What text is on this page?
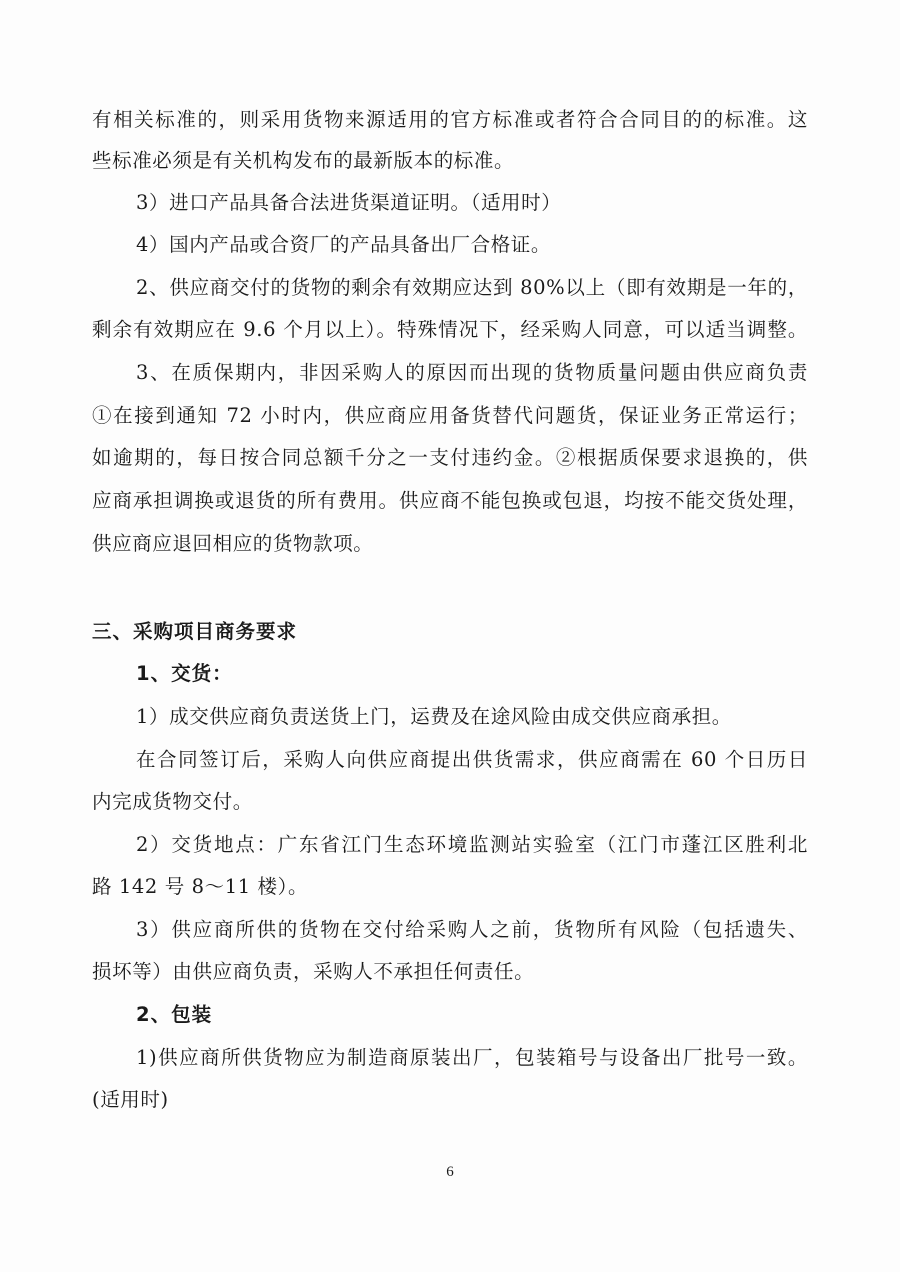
有相关标准的，则采用货物来源适用的官方标准或者符合合同目的的标准。这
些标准必须是有关机构发布的最新版本的标准。
3）进口产品具备合法进货渠道证明。（适用时）
4）国内产品或合资厂的产品具备出厂合格证。
2、供应商交付的货物的剩余有效期应达到 80%以上（即有效期是一年的，
剩余有效期应在 9.6 个月以上）。特殊情况下，经采购人同意，可以适当调整。
3、在质保期内，非因采购人的原因而出现的货物质量问题由供应商负责
①在接到通知 72 小时内，供应商应用备货替代问题货，保证业务正常运行；
如逾期的，每日按合同总额千分之一支付违约金。②根据质保要求退换的，供
应商承担调换或退货的所有费用。供应商不能包换或包退，均按不能交货处理，
供应商应退回相应的货物款项。
三、采购项目商务要求
1、交货：
1）成交供应商负责送货上门，运费及在途风险由成交供应商承担。
在合同签订后，采购人向供应商提出供货需求，供应商需在 60 个日历日
内完成货物交付。
2）交货地点：广东省江门生态环境监测站实验室（江门市蓬江区胜利北
路 142 号 8～11 楼）。
3）供应商所供的货物在交付给采购人之前，货物所有风险（包括遗失、
损坏等）由供应商负责，采购人不承担任何责任。
2、包装
1)供应商所供货物应为制造商原装出厂，包装箱号与设备出厂批号一致。
(适用时)
6
